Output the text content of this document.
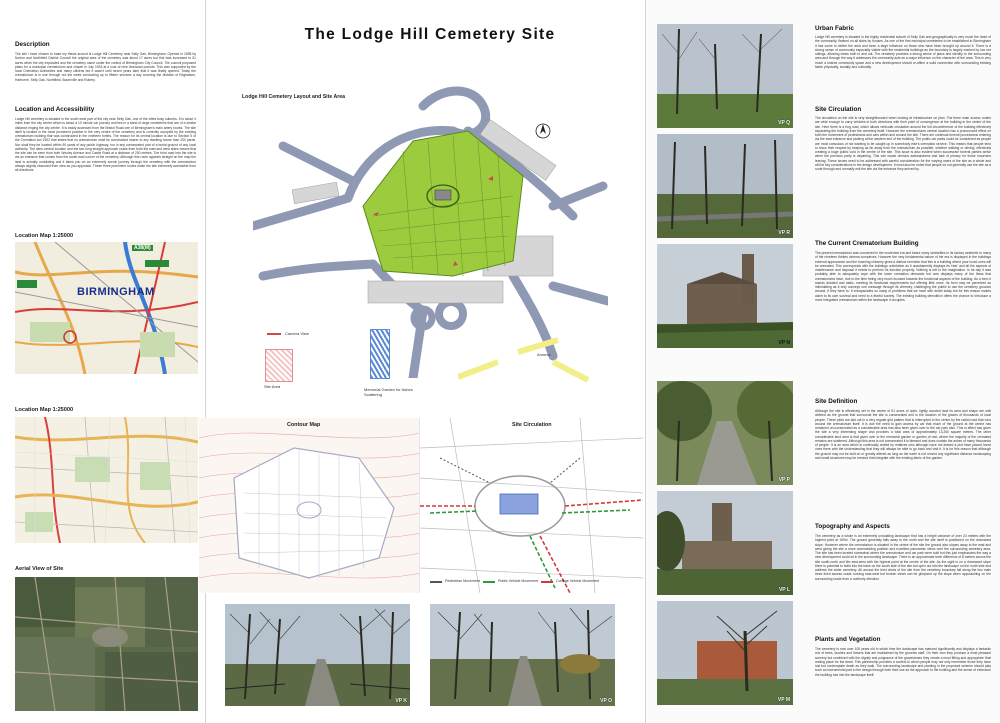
Description

The site I have chosen to base my thesis around is Lodge Hill Cemetery near Selly Oak, Birmingham. Opened in 1895 by Norton and Northfield District Council the original area of the cemetery was about 17 acres but this was increased to 51 acres when the city expanded and the cemetery came under the control of Birmingham City Council. The council proposed plans for a municipal crematorium and chapel in July 1933 at a cost of nine thousand pounds. This was supported by the local Cremation Authorities and many citizens but it wasn't until seven years later that it was finally opened. Today the crematorium is in use through out the week conducting up to fifteen services a day covering the districts of Edgbaston, Harborne, Selly Oak, Northfield, Bournville and Rubery.

Location and Accessibility

Lodge Hill cemetery is situated in the south west part of the city near Selly Oak, one of the cities busy suburbs. It is about 4 miles from the city centre which is about a 10 minute car journey and lies in a band of large cemeteries that are of a similar distance ringing the city centre. It is easily accessed from the Bristol Road one of Birmingham's main artery routes. The site itself is located in the most prominent position in the very centre of the cemetery and is currently occupied by the existing crematorium building that was constructed in the nineteen forties. The reason for its central location is due to Section 5 of the Cremation Act 1902 that states that no crematorium shall be constructed nearer to any dwelling house than 200 yards. Nor shall they be located within 50 yards of any public highway, nor in any consecrated part of a burial ground of any local authority. The sites central location and the two long straight approach roads from both the east and west sides means that the site can be seen from both Weoley Avenue and Castle Road at a distance of 200 metres. The third road into the site is via an entrance that comes from the south-east corner of the cemetery. Although this route appears straight on the map the land is actually undulating and it takes you on an extremely scenic journey through the cemetery with the crematorium always slightly obscured from view as you approach. These three prominent routes make the site extremely accessible from all directions.

Location Map 1:25000
BIRMINGHAM
A38(M)
Location Map 1:25000
Aerial View of Site
The Lodge Hill Cemetery Site
Lodge Hill Cemetery Layout and Site Area
Camera View
Site Area
Memorial Garden for Ashes Scattering
Annexe
Contour Map	Site Circulation
Pedestrian Movement	Public Vehicle Movement	Cortege Vehicle Movement
VP K	VP O
VP Q
VP R
VP N
VP P
VP L
VP M
Urban Fabric

Lodge Hill cemetery is situated in the highly residential suburb of Selly Oak and geographically is very much the heart of the community, flanked on all sides by houses. As one of the first municipal cemeteries to be established in Birmingham it has come to define the area and been a large influence on those who have been brought up around it. There is a strong sense of community especially visible with the residential buildings as the boundary is largely marked by low red railings, allowing views both in and out. The cemetery provides a strong sense of place and identity to the surrounding area and through the way it addresses the community acts as a major influence on the character of the area. This is very much a shared community space and a new development should re-affirm a solid connection with surrounding existing fabric physically, socially and culturally.

Site Circulation

The circulation on the site is very straightforward when looking at infrastructure on plan. The three main access routes are wide enough to carry vehicles in both directions with their point of convergence at the building in the centre of the site. Here there is a ring road, which allows vehicular circulation around the full circumference of the building effectively separating the building from the cemetery itself. However the crematoriums central location has a pronounced effect on both the movement of pedestrians and cars within and around the site. There are continual funeral processions entering via the east entrance and parking at the western end of the building. The public car parks could be considered as people are most conscious of not wanting to be caught up in somebody else's cremation service. This means that people tend to show their respect by keeping as far away from the crematorium as possible, whether walking or driving, effectively creating a huge public void in the centre of the site. This issue is also evident when successive funeral parties arrive when the previous party is departing. This can cause obvious awkwardness and lack of privacy for those mourners leaving. These issues need to be addressed with careful consideration for the varying users of the site as a whole and will be key considerations in the design development. It must also be noted that people do not generally use the site as a route through and normally exit the site via the entrance they arrived by.

The Current Crematorium Building

The present crematorium was conceived in the modernist era and bears many similarities in its factory aesthetic to many of the nineteen thirties cinema complexes. However the very fundamental nature of the era is displayed in the buildings external appearance and the towering chimney gives a distinct reminder that this is a building where your loved ones will be cremated. This corresponds with the buildings orientation as it unashamedly displays its 'rear' and all the aspects of maintenance and disposal it needs to perform its function properly. Nothing is left to the imagination. In its day it was probably able to adequately cope with the lower cremation demands but now displays many of the flaws that crematoriums have, due to the time being very much focused towards the functional aspects of the building. As a form it stands isolated and static, meeting its functional requirements but offering little more. Its form may be perceived as intimidating as it only conveys one message through its chimney, challenging the public to use the cemetery grounds around, if they have to. It encapsulates so many of problems that we have with death today but for this reason makes claim to its own survival and need to a fearful society. The existing building demolition offers the chance to introduce a more integrated crematorium within the landscape it occupies.

Site Definition

Although the site is effectively set in the centre of 51 acres of open, lightly wooded land its area and shape are well defined as the ground that surrounds the site is consecrated and is the location of the graves of thousands of local people. These plots are laid out in a very regular grid pattern that is interrupted in the centre by the radial road that runs around the crematorium itself. It is due the need to gain access by car that much of the ground at the centre has remained un-consecrated as a considerable area has also been given over to the car park also. This in effect has given the site a very interesting shape and provides a total area of approximately 13,250 square metres. The other considerable land area is that given over to the memorial garden or garden of rest, where the majority of the cremated remains are scattered. Although this area is not consecrated it is blessed and does contain the ashes of many thousands of people. It is an area which is continually visited by relatives who although have not leased a plot have placed loved ones there with the understanding that they will always be able to go back and visit it. It is for this reason that although the ground may not be built on or greatly altered as long as the earth is not moved any significant distance landscaping and small structures may be erected that integrate with the existing fabric of the garden.

Topography and Aspects

The cemetery as a whole is an extremely undulating landscape that has a height variance of over 24 meters with the highest point at 169m. The ground generally falls away to the north and the site itself is positioned on the downward slope. However where the crematorium is situated in the centre of the site the ground also slopes away to the east and west giving the site a more commanding position and excellent panoramic views over the surrounding cemetery area. The site has been leveled somewhat where the crematorium and car park were built but this just emphasizes the way a new development could sit in the surrounding landscape. There is an approximate level difference of 8 meters across the site south-north and 8m east-west with the highest point at the centre of the site. As the sight is on a downward slope there is potential to build into the bank on the south side of the site but open out into the landscape on the north side and address the wider cemetery. All around the best views of the site from the cemetery boundary fall along the two main trees lined access roads running east-west but broken views can be glimpsed up the slope when approaching on the surrounding roads from a northerly direction.

Plants and Vegetation

The cemetery is now over 100 years old in which time the landscape has matured significantly and displays a fantastic mix of trees, bushes and flowers that are maintained by the grounds staff. On their own they produce a most pleasant scenery but combined with the dignity and poignance of the gravestones they create a most fitting and appropriate final resting place for the dead. This partnership provides a context in which people may not only remember those they have lost but contemplate death as they walk. The surrounding landscape and planting in the proposed scheme should play such an instrumental part in the design through both their use as the approach to the building and the sense of extension the building has into the landscape itself.
